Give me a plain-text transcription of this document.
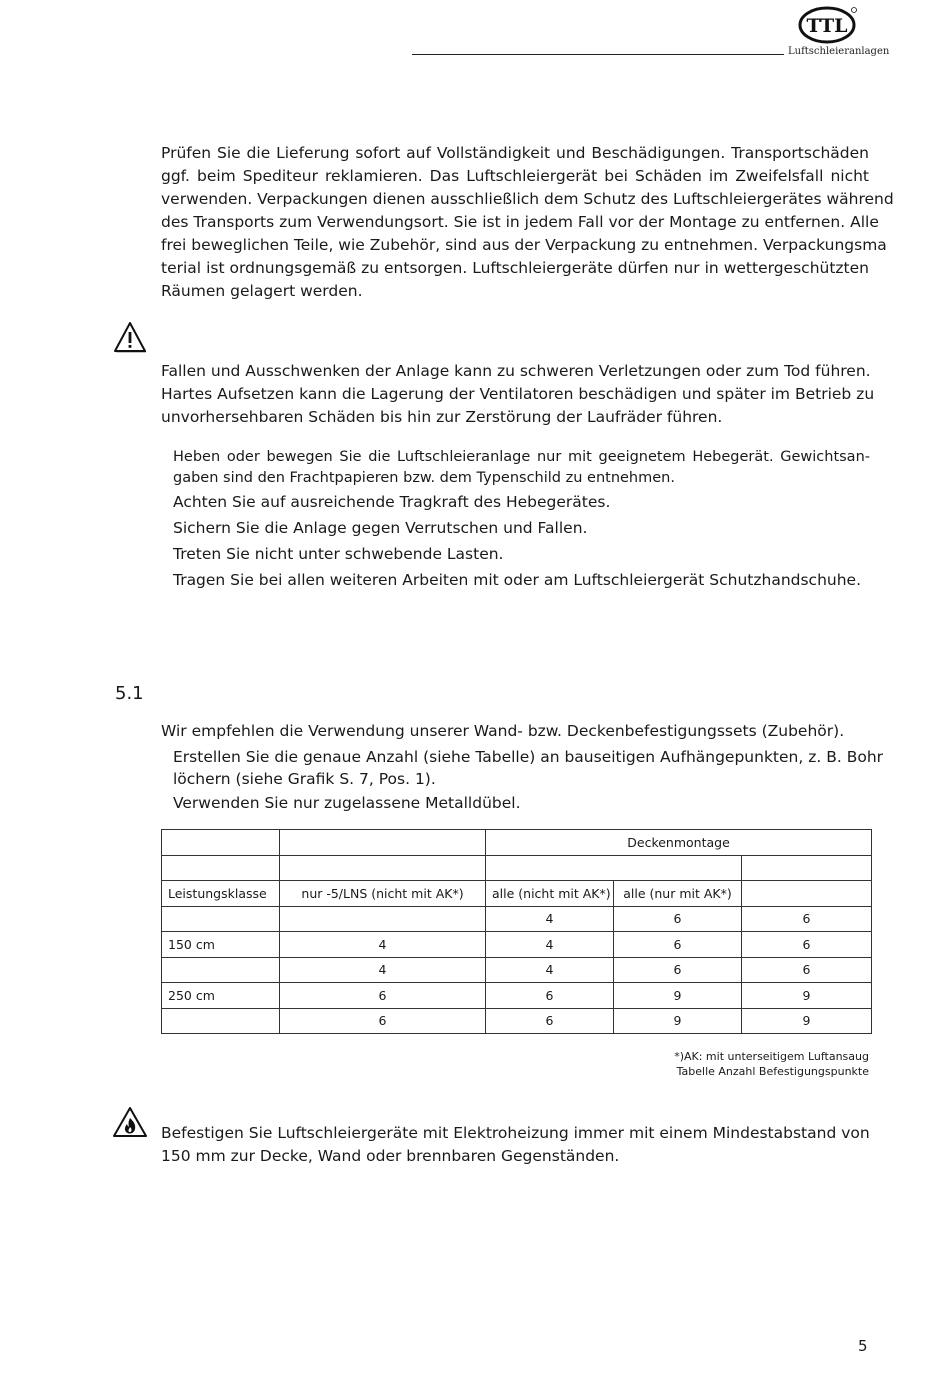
TTL
Luftschleieranlagen
Prüfen Sie die Lieferung sofort auf Vollständigkeit und Beschädigungen. Transportschäden
ggf. beim Spediteur reklamieren. Das Luftschleiergerät bei Schäden im Zweifelsfall nicht
verwenden. Verpackungen dienen ausschließlich dem Schutz des Luftschleiergerätes während
des Transports zum Verwendungsort. Sie ist in jedem Fall vor der Montage zu entfernen. Alle
frei beweglichen Teile, wie Zubehör, sind aus der Verpackung zu entnehmen. Verpackungsma
terial ist ordnungsgemäß zu entsorgen. Luftschleiergeräte dürfen nur in wettergeschützten
Räumen gelagert werden.
Fallen und Ausschwenken der Anlage kann zu schweren Verletzungen oder zum Tod führen.
Hartes Aufsetzen kann die Lagerung der Ventilatoren beschädigen und später im Betrieb zu
unvorhersehbaren Schäden bis hin zur Zerstörung der Laufräder führen.
Heben oder bewegen Sie die Luftschleieranlage nur mit geeignetem Hebegerät. Gewichtsan-
gaben sind den Frachtpapieren bzw. dem Typenschild zu entnehmen.
Achten Sie auf ausreichende Tragkraft des Hebegerätes.
Sichern Sie die Anlage gegen Verrutschen und Fallen.
Treten Sie nicht unter schwebende Lasten.
Tragen Sie bei allen weiteren Arbeiten mit oder am Luftschleiergerät Schutzhandschuhe.
5.1
Wir empfehlen die Verwendung unserer Wand- bzw. Deckenbefestigungssets (Zubehör).
Erstellen Sie die genaue Anzahl (siehe Tabelle) an bauseitigen Aufhängepunkten, z. B. Bohr
löchern (siehe Grafik S. 7, Pos. 1).
Verwenden Sie nur zugelassene Metalldübel.
		Deckenmontage		

Leistungsklasse	nur -5/LNS (nicht mit AK*)	alle (nicht mit AK*)	alle (nur mit AK*)	
		4	6	6
150 cm	4	4	6	6
	4	4	6	6
250 cm	6	6	9	9
	6	6	9	9
*)AK: mit unterseitigem Luftansaug
Tabelle Anzahl Befestigungspunkte
Befestigen Sie Luftschleiergeräte mit Elektroheizung immer mit einem Mindestabstand von
150 mm zur Decke, Wand oder brennbaren Gegenständen.
5
